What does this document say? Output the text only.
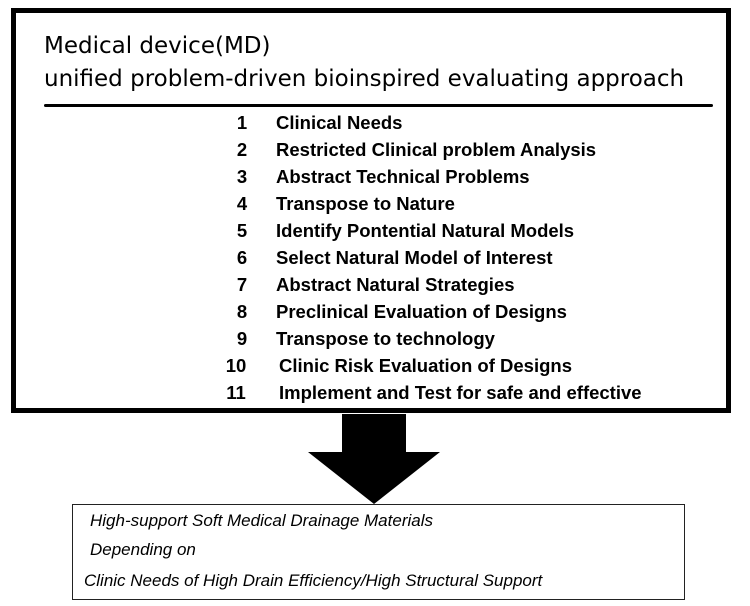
Medical device(MD)
unified problem-driven bioinspired evaluating approach
1	Clinical Needs
2	Restricted Clinical problem Analysis
3	Abstract Technical Problems
4	Transpose to Nature
5	Identify Pontential Natural Models
6	Select Natural Model of Interest
7	Abstract Natural Strategies
8	Preclinical Evaluation of Designs
9	Transpose to technology
10 Clinic Risk Evaluation of Designs
11 Implement and Test for safe and effective
High-support Soft Medical Drainage Materials
Depending on
Clinic Needs of High Drain Efficiency/High Structural Support
